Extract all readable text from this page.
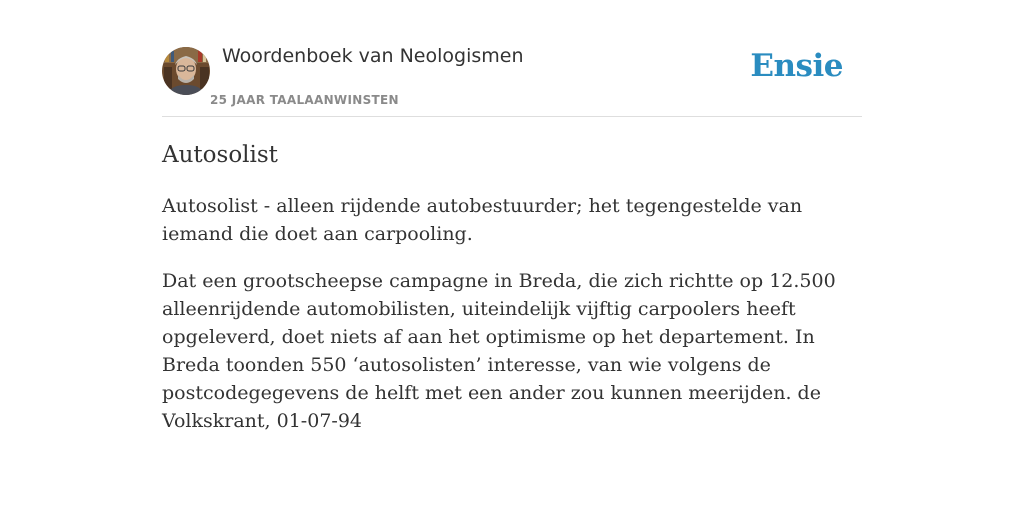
Woordenboek van Neologismen
25 JAAR TAALAANWINSTEN
Ensie
Autosolist

Autosolist - alleen rijdende autobestuurder; het tegengestelde van iemand die doet aan carpooling.

Dat een grootscheepse campagne in Breda, die zich richtte op 12.500 alleenrijdende automobilisten, uiteindelijk vijftig carpoolers heeft opgeleverd, doet niets af aan het optimisme op het departement. In Breda toonden 550 ‘autosolisten’ interesse, van wie volgens de postcodegegevens de helft met een ander zou kunnen meerijden. de Volkskrant, 01-07-94
